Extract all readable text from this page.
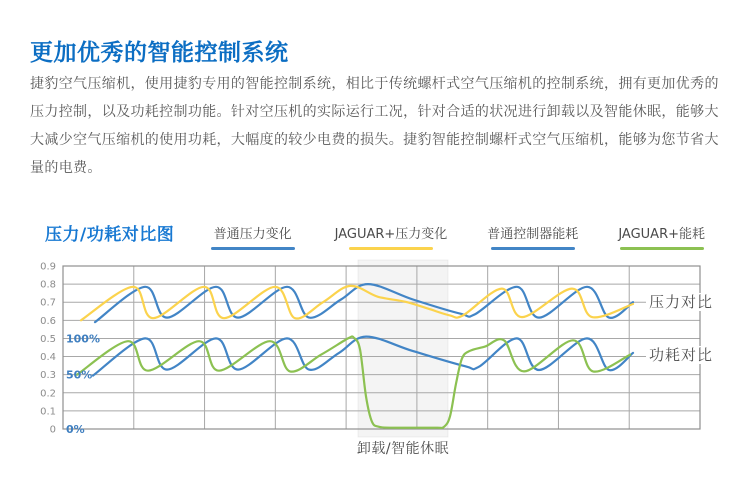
更加优秀的智能控制系统
捷豹空气压缩机，使用捷豹专用的智能控制系统，相比于传统螺杆式空气压缩机的控制系统，拥有更加优秀的
压力控制，以及功耗控制功能。针对空压机的实际运行工况，针对合适的状况进行卸载以及智能休眠，能够大
大减少空气压缩机的使用功耗，大幅度的较少电费的损失。捷豹智能控制螺杆式空气压缩机，能够为您节省大
量的电费。
压力/功耗对比图	普通压力变化	JAGUAR+压力变化	普通控制器能耗	JAGUAR+能耗
0.9
0.8
0.7
0.6
0.5
0.4
0.3
0.2
0.1
0
100%
50%
0%
压力对比
功耗对比
卸载/智能休眠
